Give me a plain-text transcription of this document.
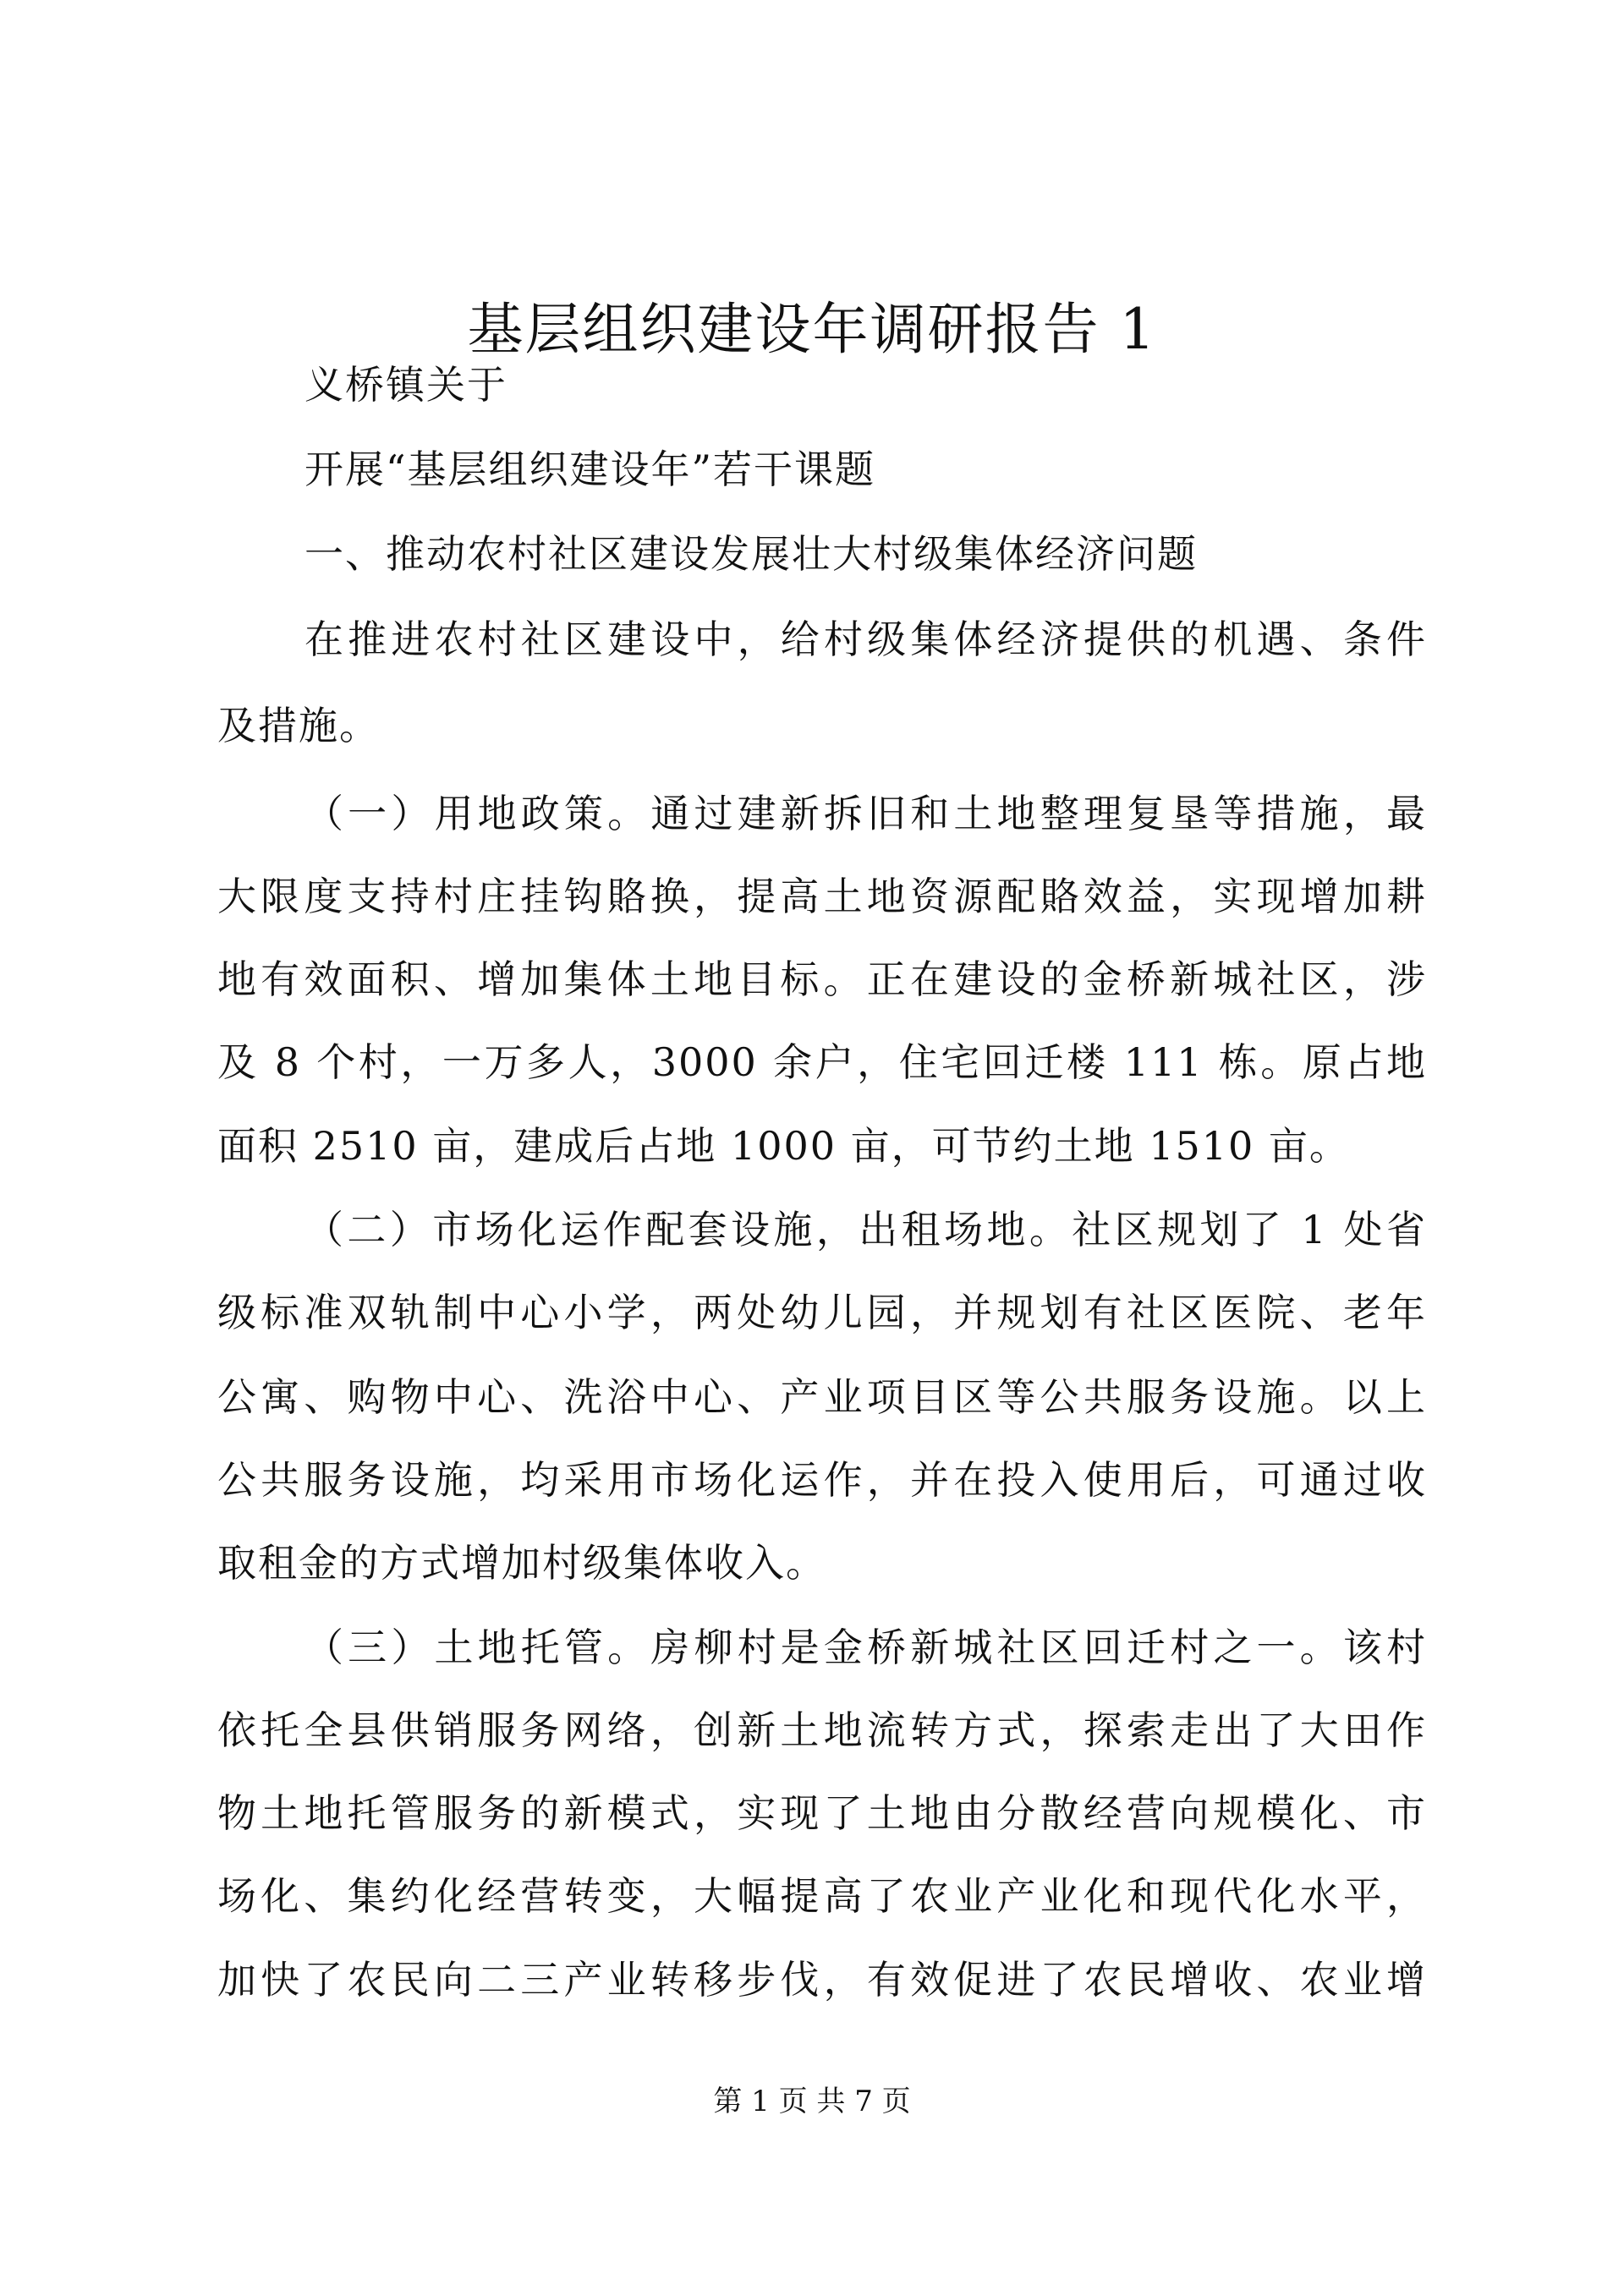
基层组织建设年调研报告 1
义桥镇关于
开展“基层组织建设年”若干课题
一、推动农村社区建设发展壮大村级集体经济问题
在推进农村社区建设中，给村级集体经济提供的机遇、条件
及措施。
（一）用地政策。通过建新拆旧和土地整理复垦等措施，最
大限度支持村庄挂钩賂换，提高土地资源配賂效益，实现增加耕
地有效面积、增加集体土地目标。正在建设的金桥新城社区，涉
及 8 个村，一万多人，3000 余户，住宅回迁楼 111 栋。原占地
面积 2510 亩，建成后占地 1000 亩，可节约土地 1510 亩。
（二）市场化运作配套设施，出租场地。社区规划了 1 处省
级标准双轨制中心小学，两处幼儿园，并规划有社区医院、老年
公寓、购物中心、洗浴中心、产业项目区等公共服务设施。以上
公共服务设施，均采用市场化运作，并在投入使用后，可通过收
取租金的方式增加村级集体收入。
（三）土地托管。房柳村是金桥新城社区回迁村之一。该村
依托全县供销服务网络，创新土地流转方式，探索走出了大田作
物土地托管服务的新模式，实现了土地由分散经营向规模化、市
场化、集约化经营转变，大幅提高了农业产业化和现代化水平，
加快了农民向二三产业转移步伐，有效促进了农民增收、农业增
第 1 页 共 7 页
